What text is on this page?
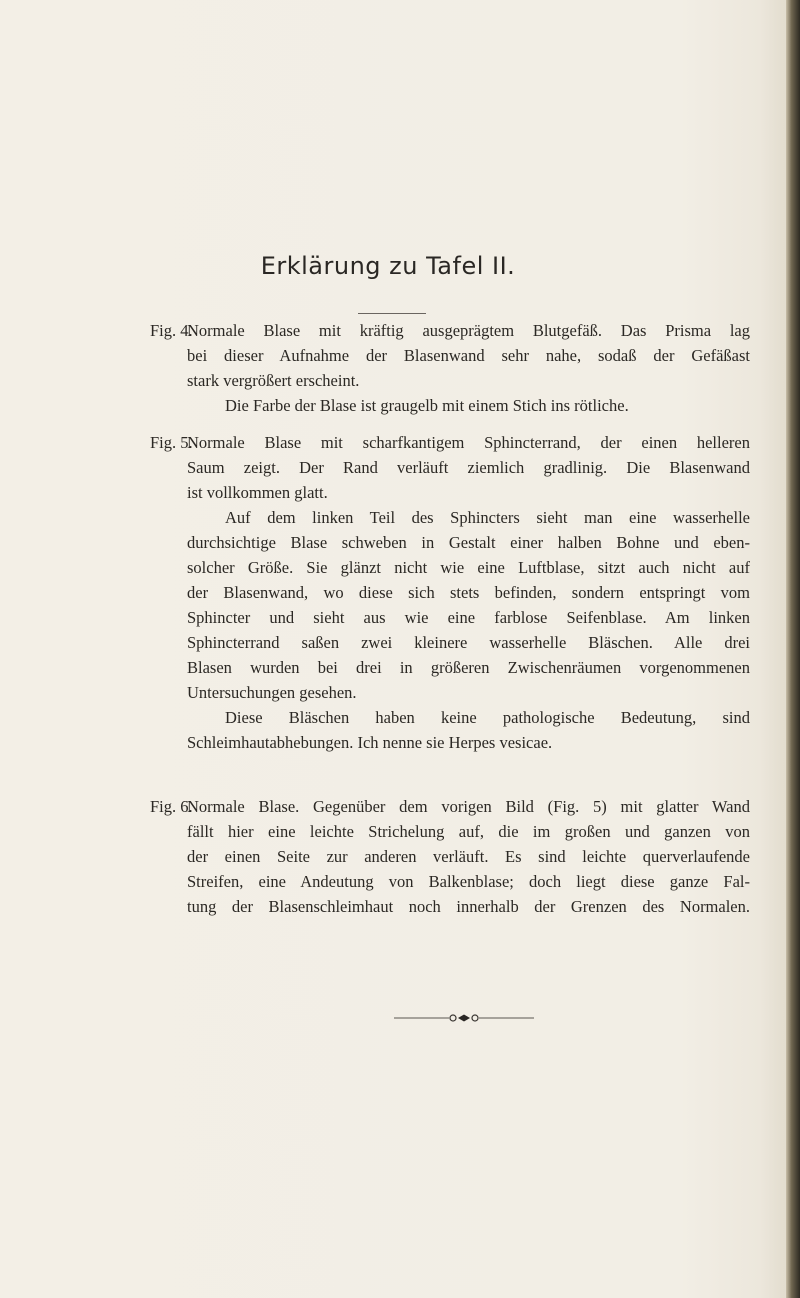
Erklärung zu Tafel II.
Fig. 4.
Normale Blase mit kräftig ausgeprägtem Blutgefäß. Das Prisma lag
bei dieser Aufnahme der Blasenwand sehr nahe, sodaß der Gefäßast
stark vergrößert erscheint.
Die Farbe der Blase ist graugelb mit einem Stich ins rötliche.
Fig. 5.
Normale Blase mit scharfkantigem Sphincterrand, der einen helleren
Saum zeigt. Der Rand verläuft ziemlich gradlinig. Die Blasenwand
ist vollkommen glatt.
Auf dem linken Teil des Sphincters sieht man eine wasserhelle
durchsichtige Blase schweben in Gestalt einer halben Bohne und eben-
solcher Größe. Sie glänzt nicht wie eine Luftblase, sitzt auch nicht auf
der Blasenwand, wo diese sich stets befinden, sondern entspringt vom
Sphincter und sieht aus wie eine farblose Seifenblase. Am linken
Sphincterrand saßen zwei kleinere wasserhelle Bläschen. Alle drei
Blasen wurden bei drei in größeren Zwischenräumen vorgenommenen
Untersuchungen gesehen.
Diese Bläschen haben keine pathologische Bedeutung, sind
Schleimhautabhebungen. Ich nenne sie Herpes vesicae.
Fig. 6.
Normale Blase. Gegenüber dem vorigen Bild (Fig. 5) mit glatter Wand
fällt hier eine leichte Strichelung auf, die im großen und ganzen von
der einen Seite zur anderen verläuft. Es sind leichte querverlaufende
Streifen, eine Andeutung von Balkenblase; doch liegt diese ganze Fal-
tung der Blasenschleimhaut noch innerhalb der Grenzen des Normalen.
